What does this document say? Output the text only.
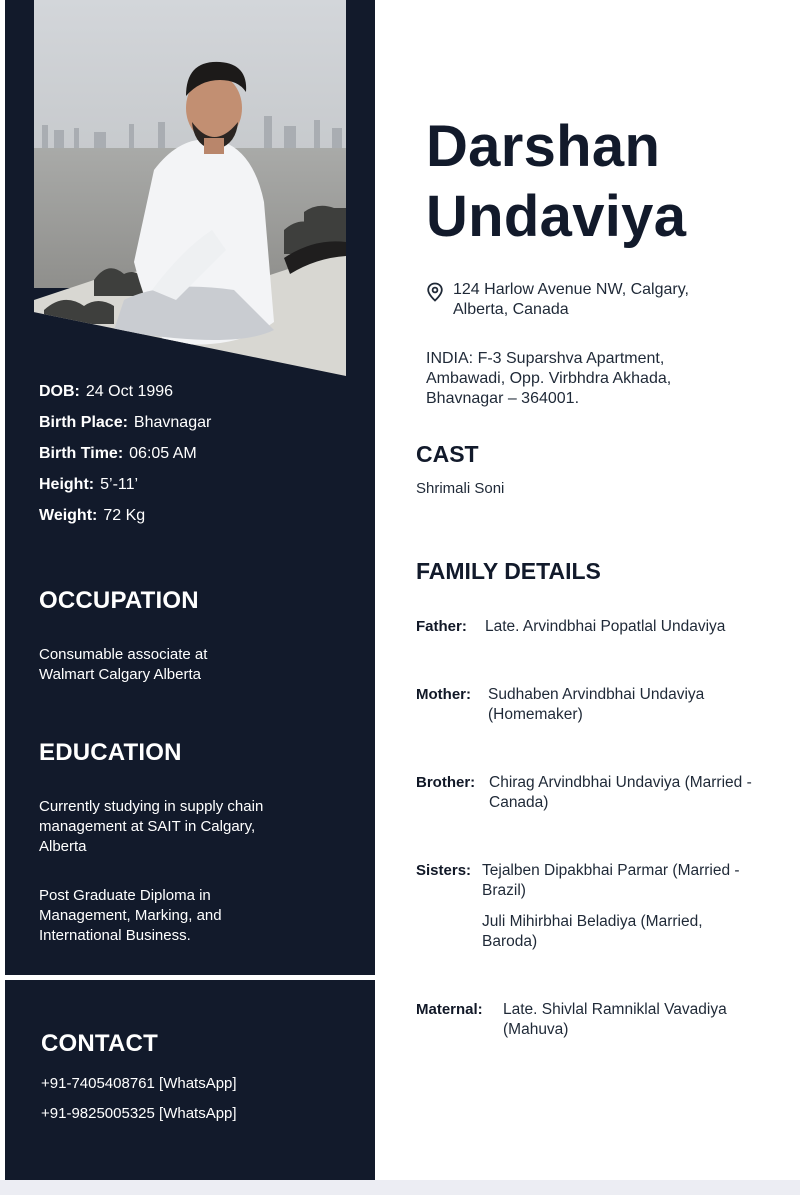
DOB: 24 Oct 1996
Birth Place: Bhavnagar
Birth Time: 06:05 AM
Height: 5’-11’
Weight: 72 Kg
OCCUPATION
Consumable associate at Walmart Calgary Alberta
EDUCATION
Currently studying in supply chain management at SAIT in Calgary, Alberta
Post Graduate Diploma in Management, Marking, and International Business.
CONTACT
+91-7405408761 [WhatsApp]
+91-9825005325 [WhatsApp]
Darshan
Undaviya
124 Harlow Avenue NW, Calgary, Alberta, Canada
INDIA: F-3 Suparshva Apartment, Ambawadi, Opp. Virbhdra Akhada, Bhavnagar – 364001.
CAST
Shrimali Soni
FAMILY DETAILS
Father: Late. Arvindbhai Popatlal Undaviya
Mother: Sudhaben Arvindbhai Undaviya (Homemaker)
Brother: Chirag Arvindbhai Undaviya (Married - Canada)
Sisters: Tejalben Dipakbhai Parmar (Married - Brazil)
Juli Mihirbhai Beladiya (Married, Baroda)
Maternal: Late. Shivlal Ramniklal Vavadiya (Mahuva)
